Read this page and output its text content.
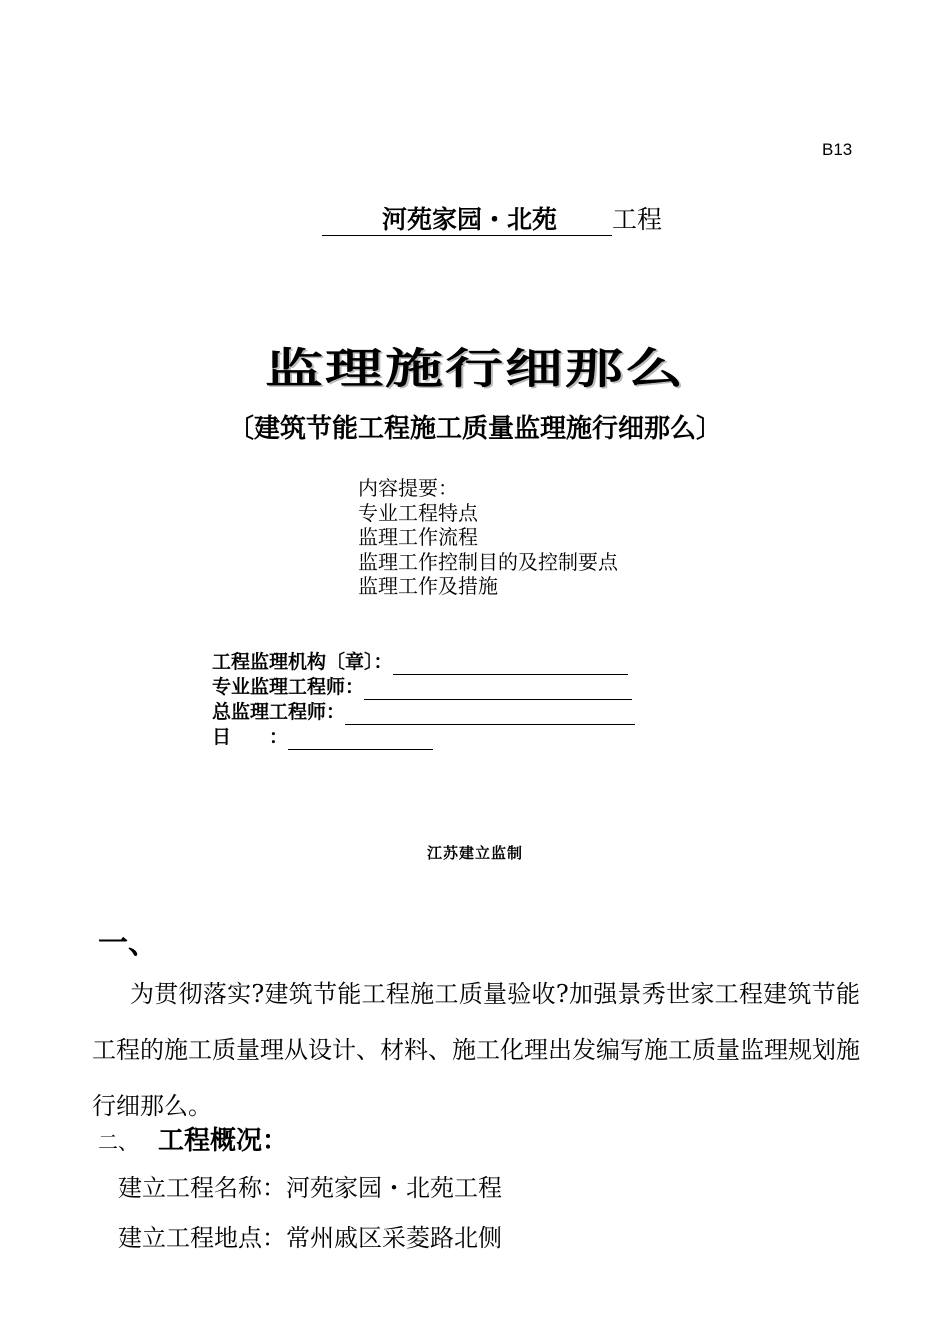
B13
河苑家园・北苑 工程
监理施行细那么
〔建筑节能工程施工质量监理施行细那么〕
内容提要：
专业工程特点
监理工作流程
监理工作控制目的及控制要点
监理工作及措施
工程监理机构〔章〕：
专业监理工程师：
总监理工程师：
日　　：
江苏建立监制
一、
为贯彻落实?建筑节能工程施工质量验收?加强景秀世家工程建筑节能工程的施工质量理从设计、材料、施工化理出发编写施工质量监理规划施行细那么。
二、 工程概况：
建立工程名称：河苑家园・北苑工程
建立工程地点：常州戚区采菱路北侧
